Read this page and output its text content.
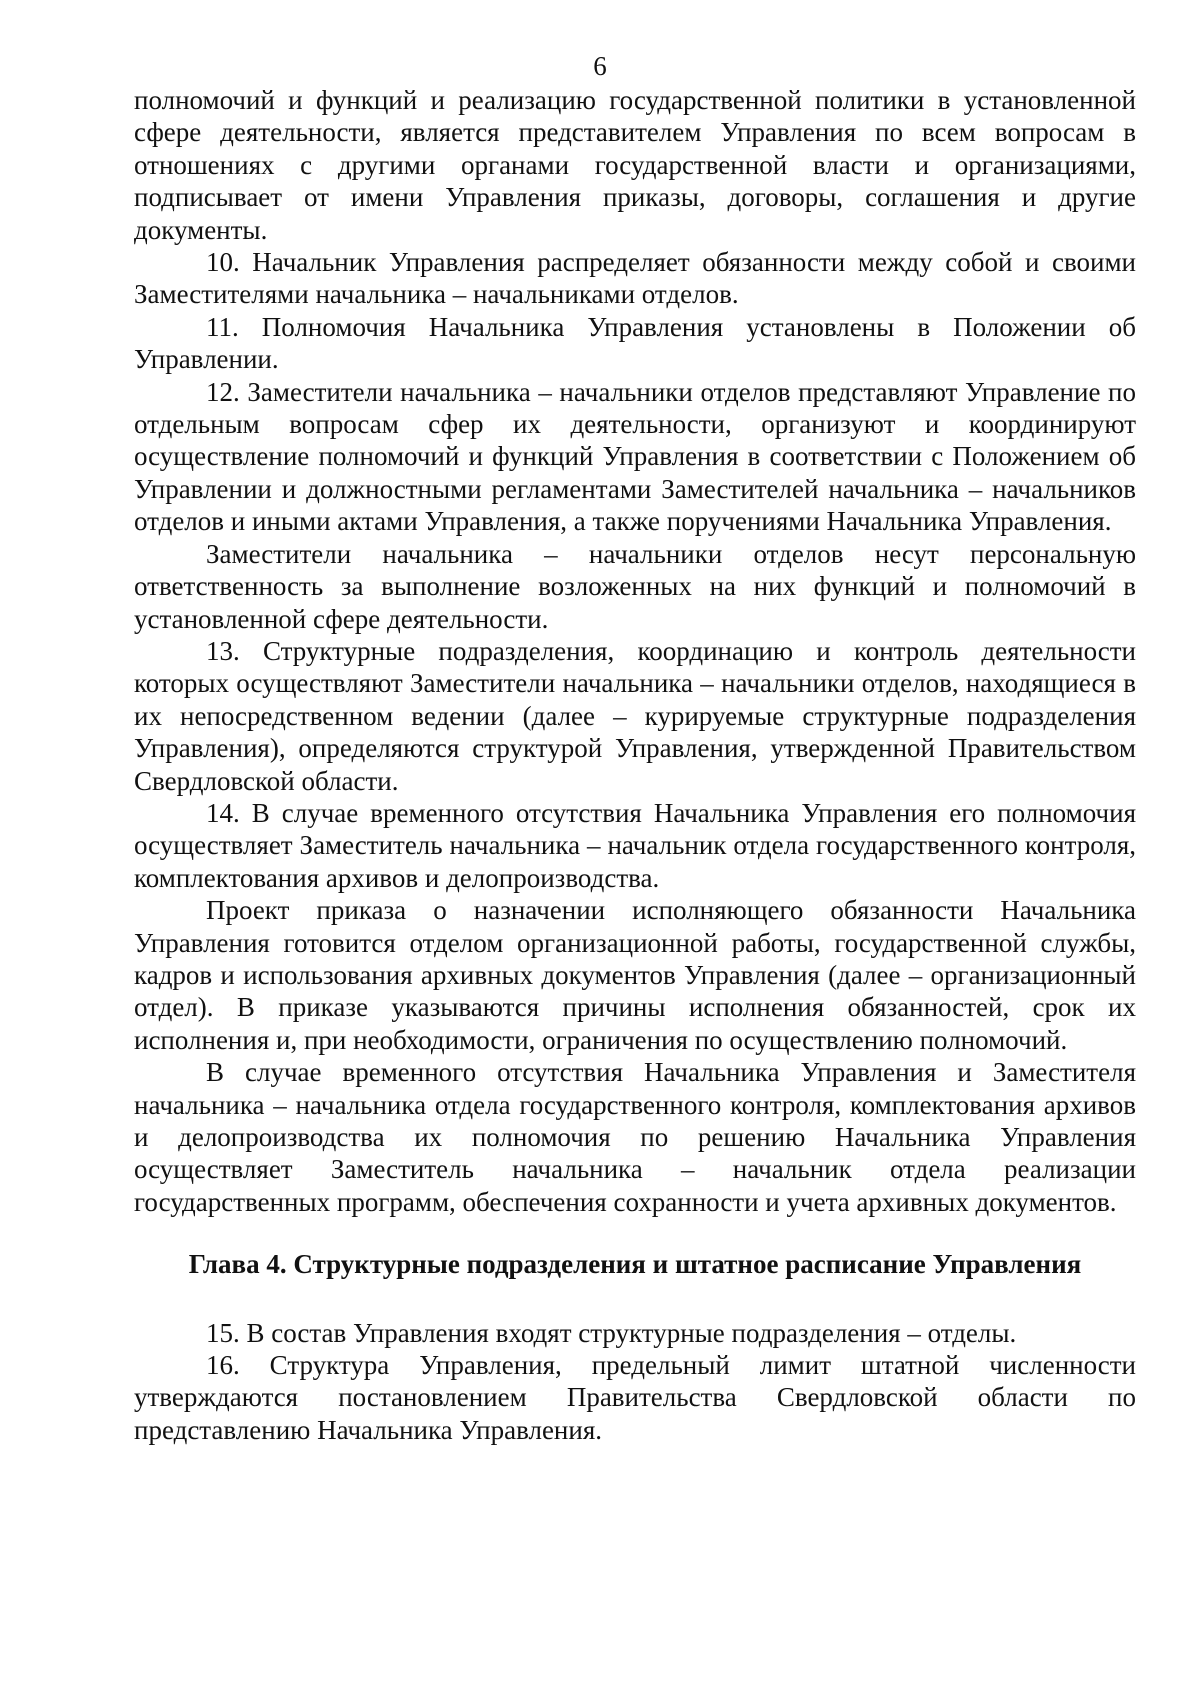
6

полномочий и функций и реализацию государственной политики в установленной сфере деятельности, является представителем Управления по всем вопросам в отношениях с другими органами государственной власти и организациями, подписывает от имени Управления приказы, договоры, соглашения и другие документы.

10. Начальник Управления распределяет обязанности между собой и своими Заместителями начальника – начальниками отделов.

11. Полномочия Начальника Управления установлены в Положении об Управлении.

12. Заместители начальника – начальники отделов представляют Управление по отдельным вопросам сфер их деятельности, организуют и координируют осуществление полномочий и функций Управления в соответствии с Положением об Управлении и должностными регламентами Заместителей начальника – начальников отделов и иными актами Управления, а также поручениями Начальника Управления.

Заместители начальника – начальники отделов несут персональную ответственность за выполнение возложенных на них функций и полномочий в установленной сфере деятельности.

13. Структурные подразделения, координацию и контроль деятельности которых осуществляют Заместители начальника – начальники отделов, находящиеся в их непосредственном ведении (далее – курируемые структурные подразделения Управления), определяются структурой Управления, утвержденной Правительством Свердловской области.

14. В случае временного отсутствия Начальника Управления его полномочия осуществляет Заместитель начальника – начальник отдела государственного контроля, комплектования архивов и делопроизводства.

Проект приказа о назначении исполняющего обязанности Начальника Управления готовится отделом организационной работы, государственной службы, кадров и использования архивных документов Управления (далее – организационный отдел). В приказе указываются причины исполнения обязанностей, срок их исполнения и, при необходимости, ограничения по осуществлению полномочий.

В случае временного отсутствия Начальника Управления и Заместителя начальника – начальника отдела государственного контроля, комплектования архивов и делопроизводства их полномочия по решению Начальника Управления осуществляет Заместитель начальника – начальник отдела реализации государственных программ, обеспечения сохранности и учета архивных документов.

Глава 4. Структурные подразделения и штатное расписание Управления

15. В состав Управления входят структурные подразделения – отделы.

16. Структура Управления, предельный лимит штатной численности утверждаются постановлением Правительства Свердловской области по представлению Начальника Управления.
